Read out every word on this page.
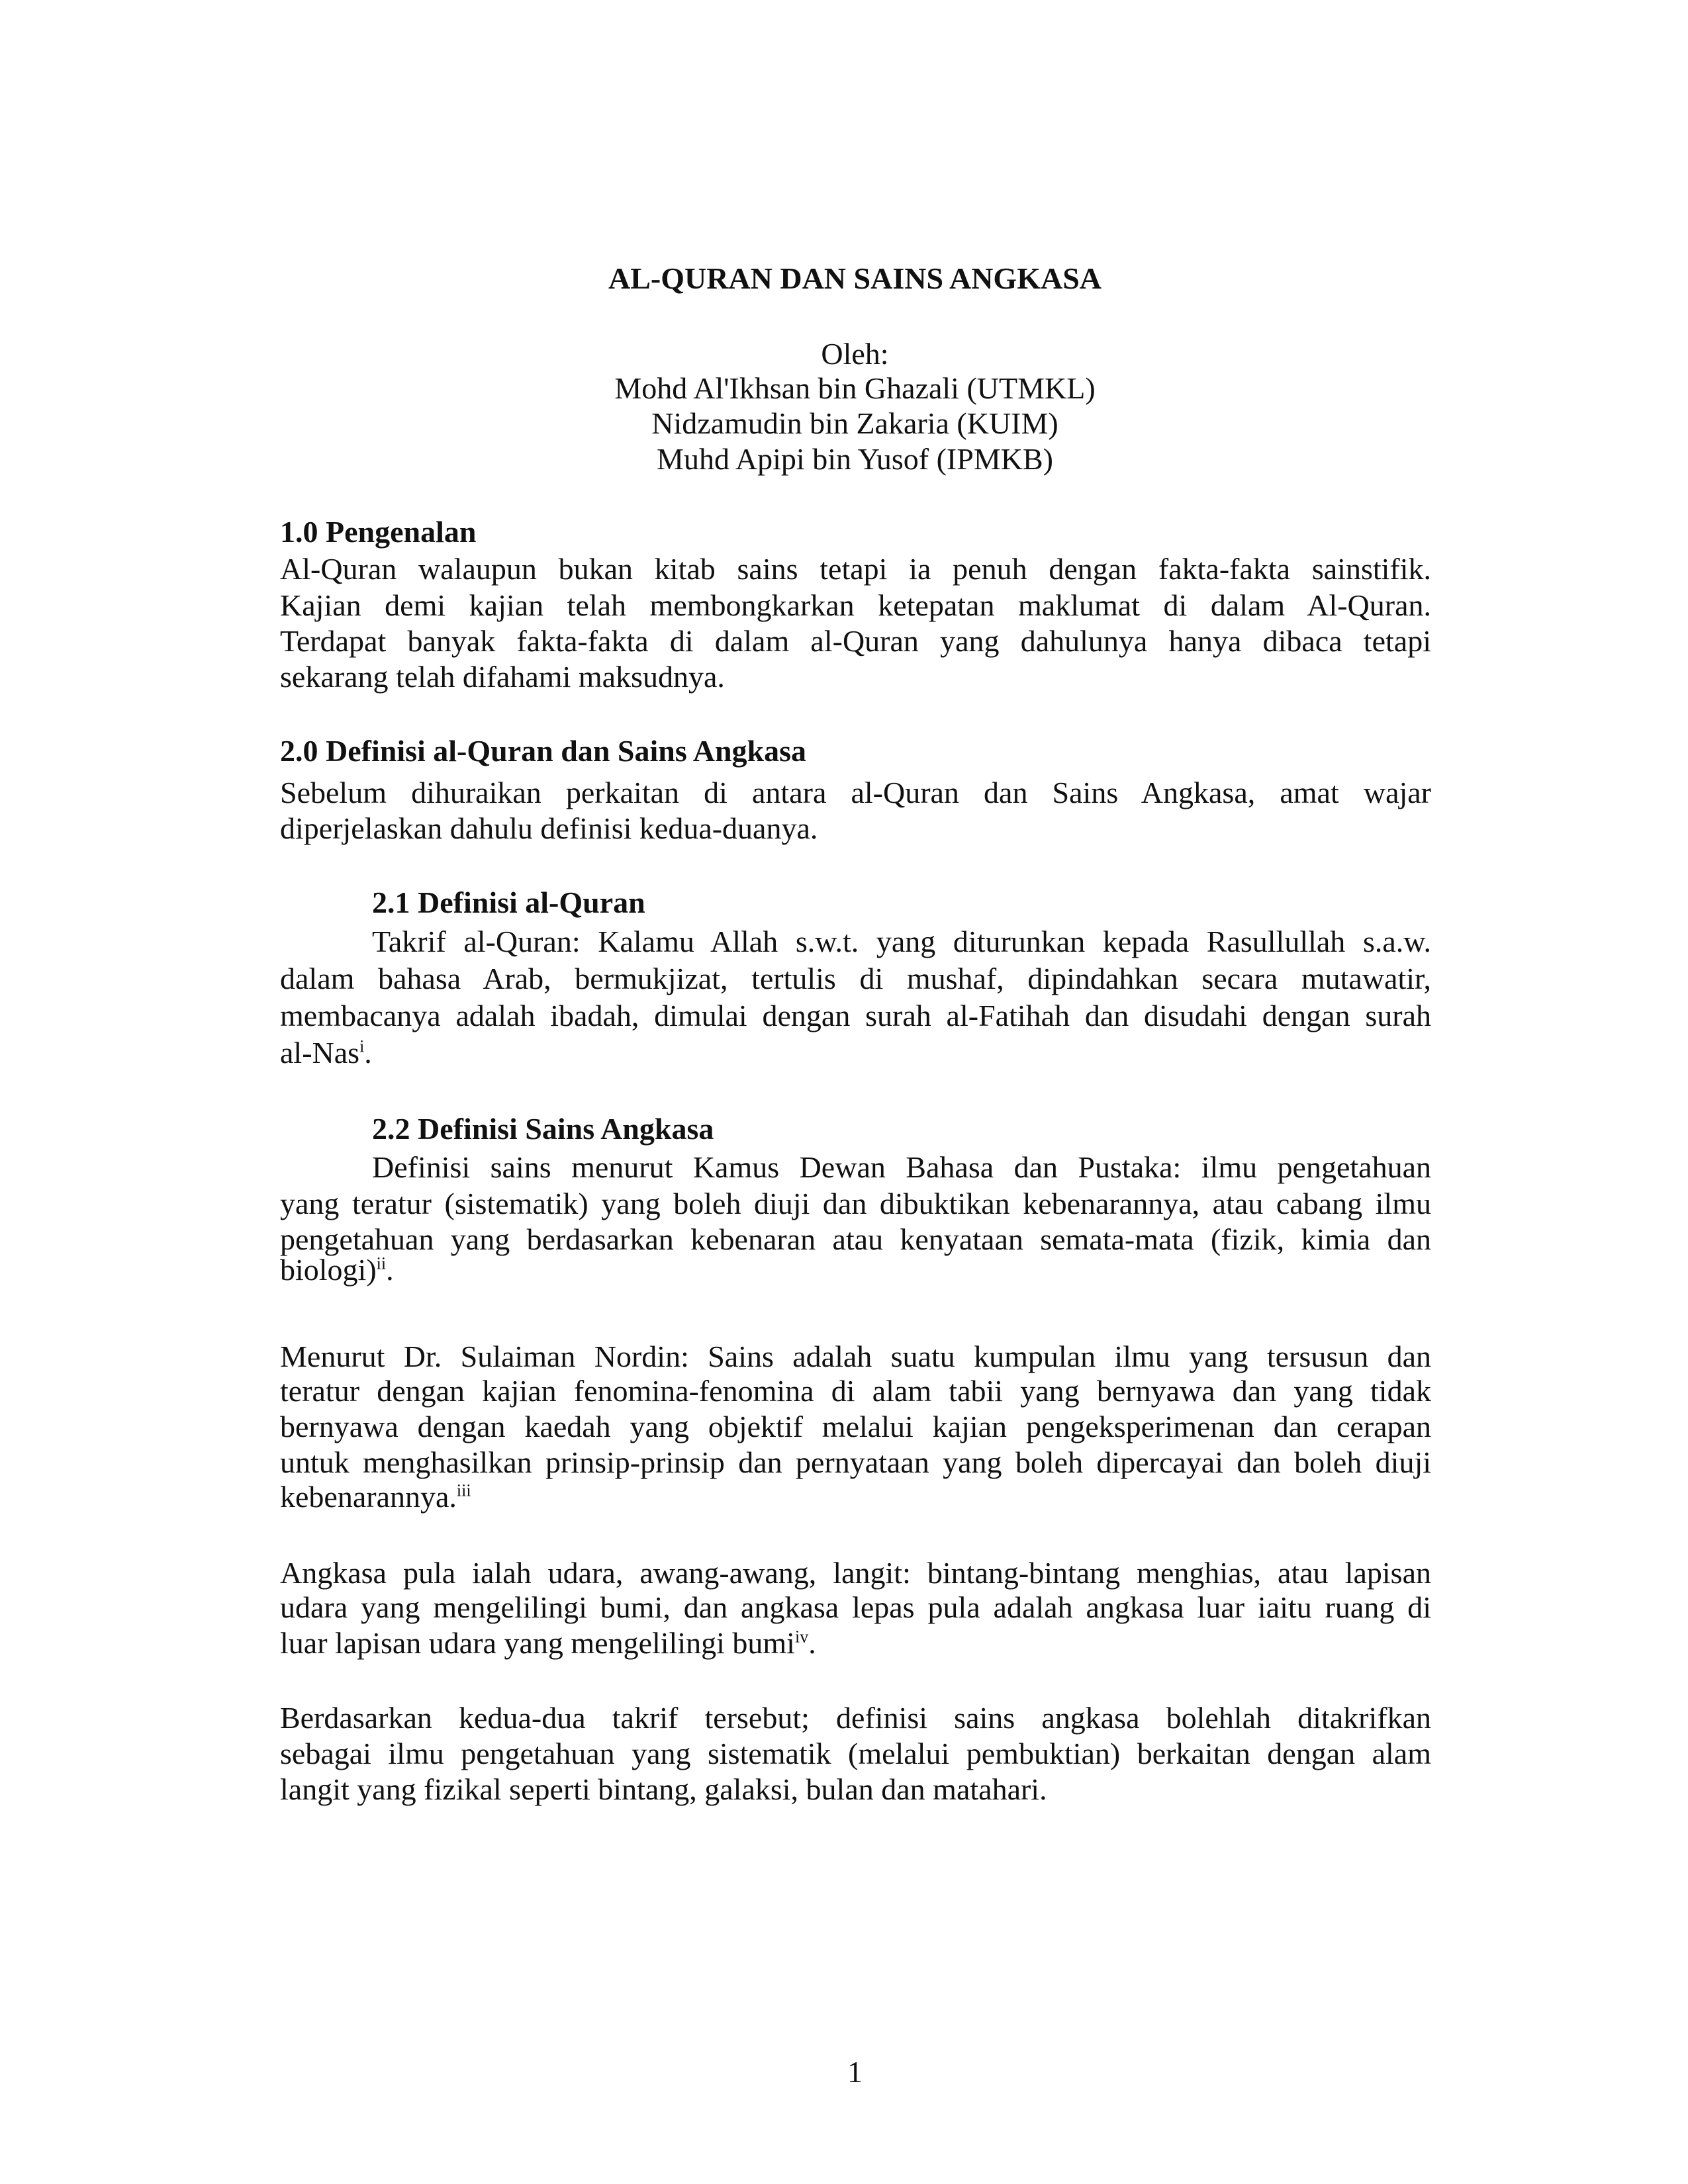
AL-QURAN DAN SAINS ANGKASA
Oleh:
Mohd Al'Ikhsan bin Ghazali (UTMKL)
Nidzamudin bin Zakaria (KUIM)
Muhd Apipi bin Yusof (IPMKB)
1.0 Pengenalan
Al-Quran walaupun bukan kitab sains tetapi ia penuh dengan fakta-fakta sainstifik.
Kajian demi kajian telah membongkarkan ketepatan maklumat di dalam Al-Quran.
Terdapat banyak fakta-fakta di dalam al-Quran yang dahulunya hanya dibaca tetapi
sekarang telah difahami maksudnya.
2.0 Definisi al-Quran dan Sains Angkasa
Sebelum dihuraikan perkaitan di antara al-Quran dan Sains Angkasa, amat wajar
diperjelaskan dahulu definisi kedua-duanya.
2.1 Definisi al-Quran
Takrif al-Quran: Kalamu Allah s.w.t. yang diturunkan kepada Rasullullah s.a.w.
dalam bahasa Arab, bermukjizat, tertulis di mushaf, dipindahkan secara mutawatir,
membacanya adalah ibadah, dimulai dengan surah al-Fatihah dan disudahi dengan surah
al-Nas$^i$.
2.2 Definisi Sains Angkasa
Definisi sains menurut Kamus Dewan Bahasa dan Pustaka: ilmu pengetahuan
yang teratur (sistematik) yang boleh diuji dan dibuktikan kebenarannya, atau cabang ilmu
pengetahuan yang berdasarkan kebenaran atau kenyataan semata-mata (fizik, kimia dan
biologi)$^{ii}$.
Menurut Dr. Sulaiman Nordin: Sains adalah suatu kumpulan ilmu yang tersusun dan
teratur dengan kajian fenomina-fenomina di alam tabii yang bernyawa dan yang tidak
bernyawa dengan kaedah yang objektif melalui kajian pengeksperimenan dan cerapan
untuk menghasilkan prinsip-prinsip dan pernyataan yang boleh dipercayai dan boleh diuji
kebenarannya.$^{iii}$
Angkasa pula ialah udara, awang-awang, langit: bintang-bintang menghias, atau lapisan
udara yang mengelilingi bumi, dan angkasa lepas pula adalah angkasa luar iaitu ruang di
luar lapisan udara yang mengelilingi bumi$^{iv}$.
Berdasarkan kedua-dua takrif tersebut; definisi sains angkasa bolehlah ditakrifkan
sebagai ilmu pengetahuan yang sistematik (melalui pembuktian) berkaitan dengan alam
langit yang fizikal seperti bintang, galaksi, bulan dan matahari.
1
